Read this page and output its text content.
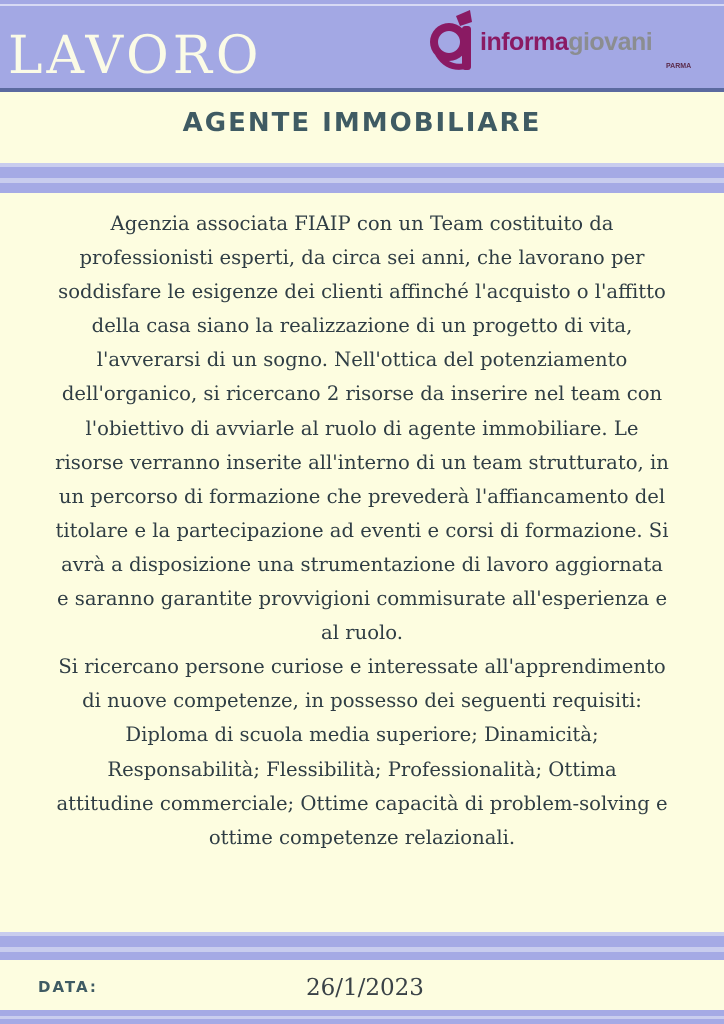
LAVORO	informagiovani
PARMA
AGENTE IMMOBILIARE
Agenzia associata FIAIP con un Team costituito da
professionisti esperti, da circa sei anni, che lavorano per
soddisfare le esigenze dei clienti affinché l'acquisto o l'affitto
della casa siano la realizzazione di un progetto di vita,
l'avverarsi di un sogno. Nell'ottica del potenziamento
dell'organico, si ricercano 2 risorse da inserire nel team con
l'obiettivo di avviarle al ruolo di agente immobiliare. Le
risorse verranno inserite all'interno di un team strutturato, in
un percorso di formazione che prevederà l'affiancamento del
titolare e la partecipazione ad eventi e corsi di formazione. Si
avrà a disposizione una strumentazione di lavoro aggiornata
e saranno garantite provvigioni commisurate all'esperienza e
al ruolo.
Si ricercano persone curiose e interessate all'apprendimento
di nuove competenze, in possesso dei seguenti requisiti:
Diploma di scuola media superiore; Dinamicità;
Responsabilità; Flessibilità; Professionalità; Ottima
attitudine commerciale; Ottime capacità di problem-solving e
ottime competenze relazionali.
DATA:	26/1/2023
